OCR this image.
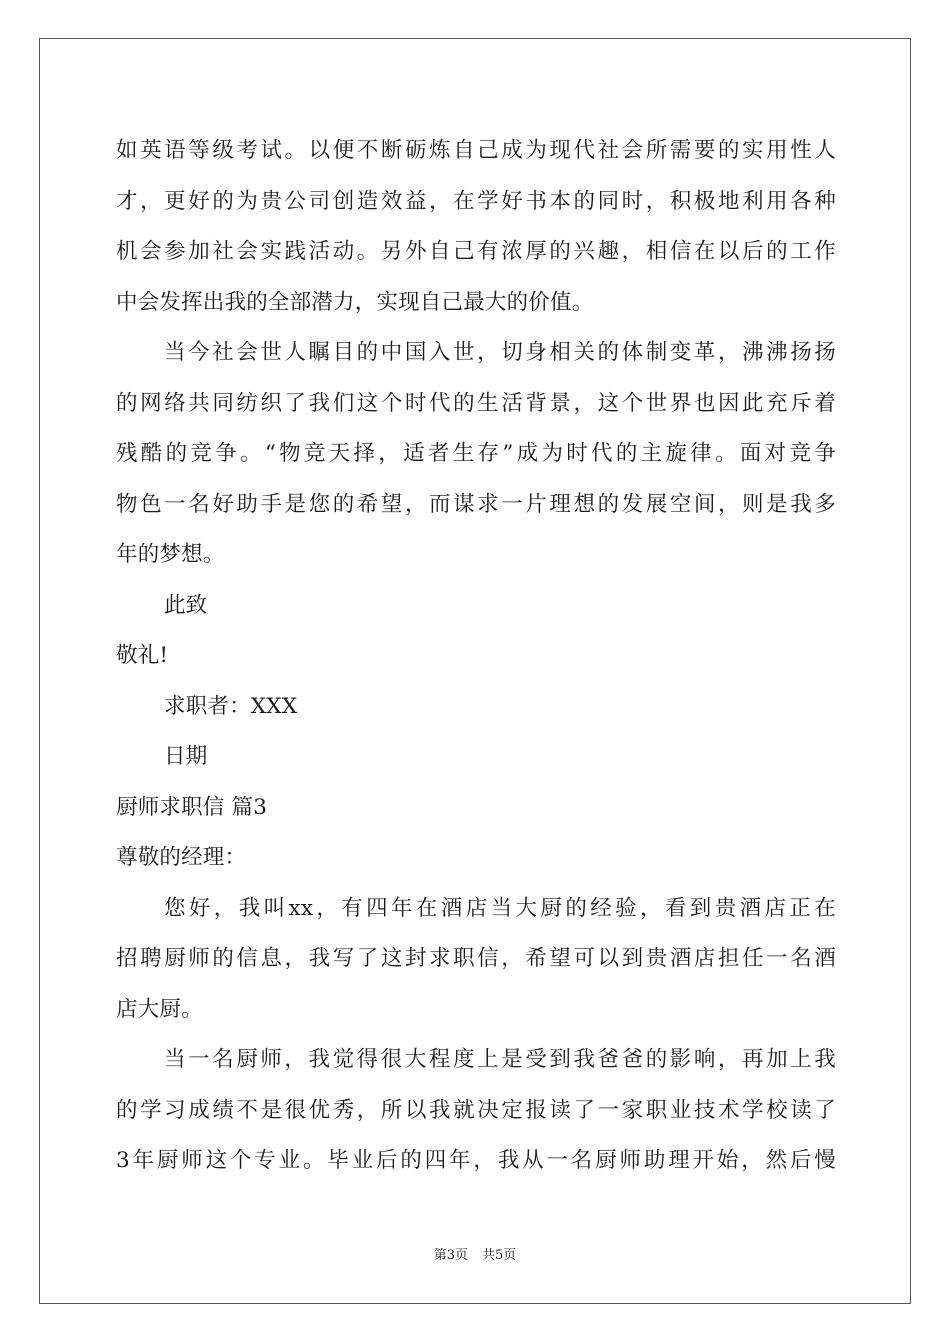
如英语等级考试。以便不断砺炼自己成为现代社会所需要的实用性人
才，更好的为贵公司创造效益，在学好书本的同时，积极地利用各种
机会参加社会实践活动。另外自己有浓厚的兴趣，相信在以后的工作
中会发挥出我的全部潜力，实现自己最大的价值。
当今社会世人瞩目的中国入世，切身相关的体制变革，沸沸扬扬
的网络共同纺织了我们这个时代的生活背景，这个世界也因此充斥着
残酷的竞争。“物竞天择，适者生存”成为时代的主旋律。面对竞争
物色一名好助手是您的希望，而谋求一片理想的发展空间，则是我多
年的梦想。
此致
敬礼!
求职者：XXX
日期
厨师求职信 篇3
尊敬的经理：
您好，我叫xx，有四年在酒店当大厨的经验，看到贵酒店正在
招聘厨师的信息，我写了这封求职信，希望可以到贵酒店担任一名酒
店大厨。
当一名厨师，我觉得很大程度上是受到我爸爸的影响，再加上我
的学习成绩不是很优秀，所以我就决定报读了一家职业技术学校读了
3年厨师这个专业。毕业后的四年，我从一名厨师助理开始，然后慢
第3页 共5页
